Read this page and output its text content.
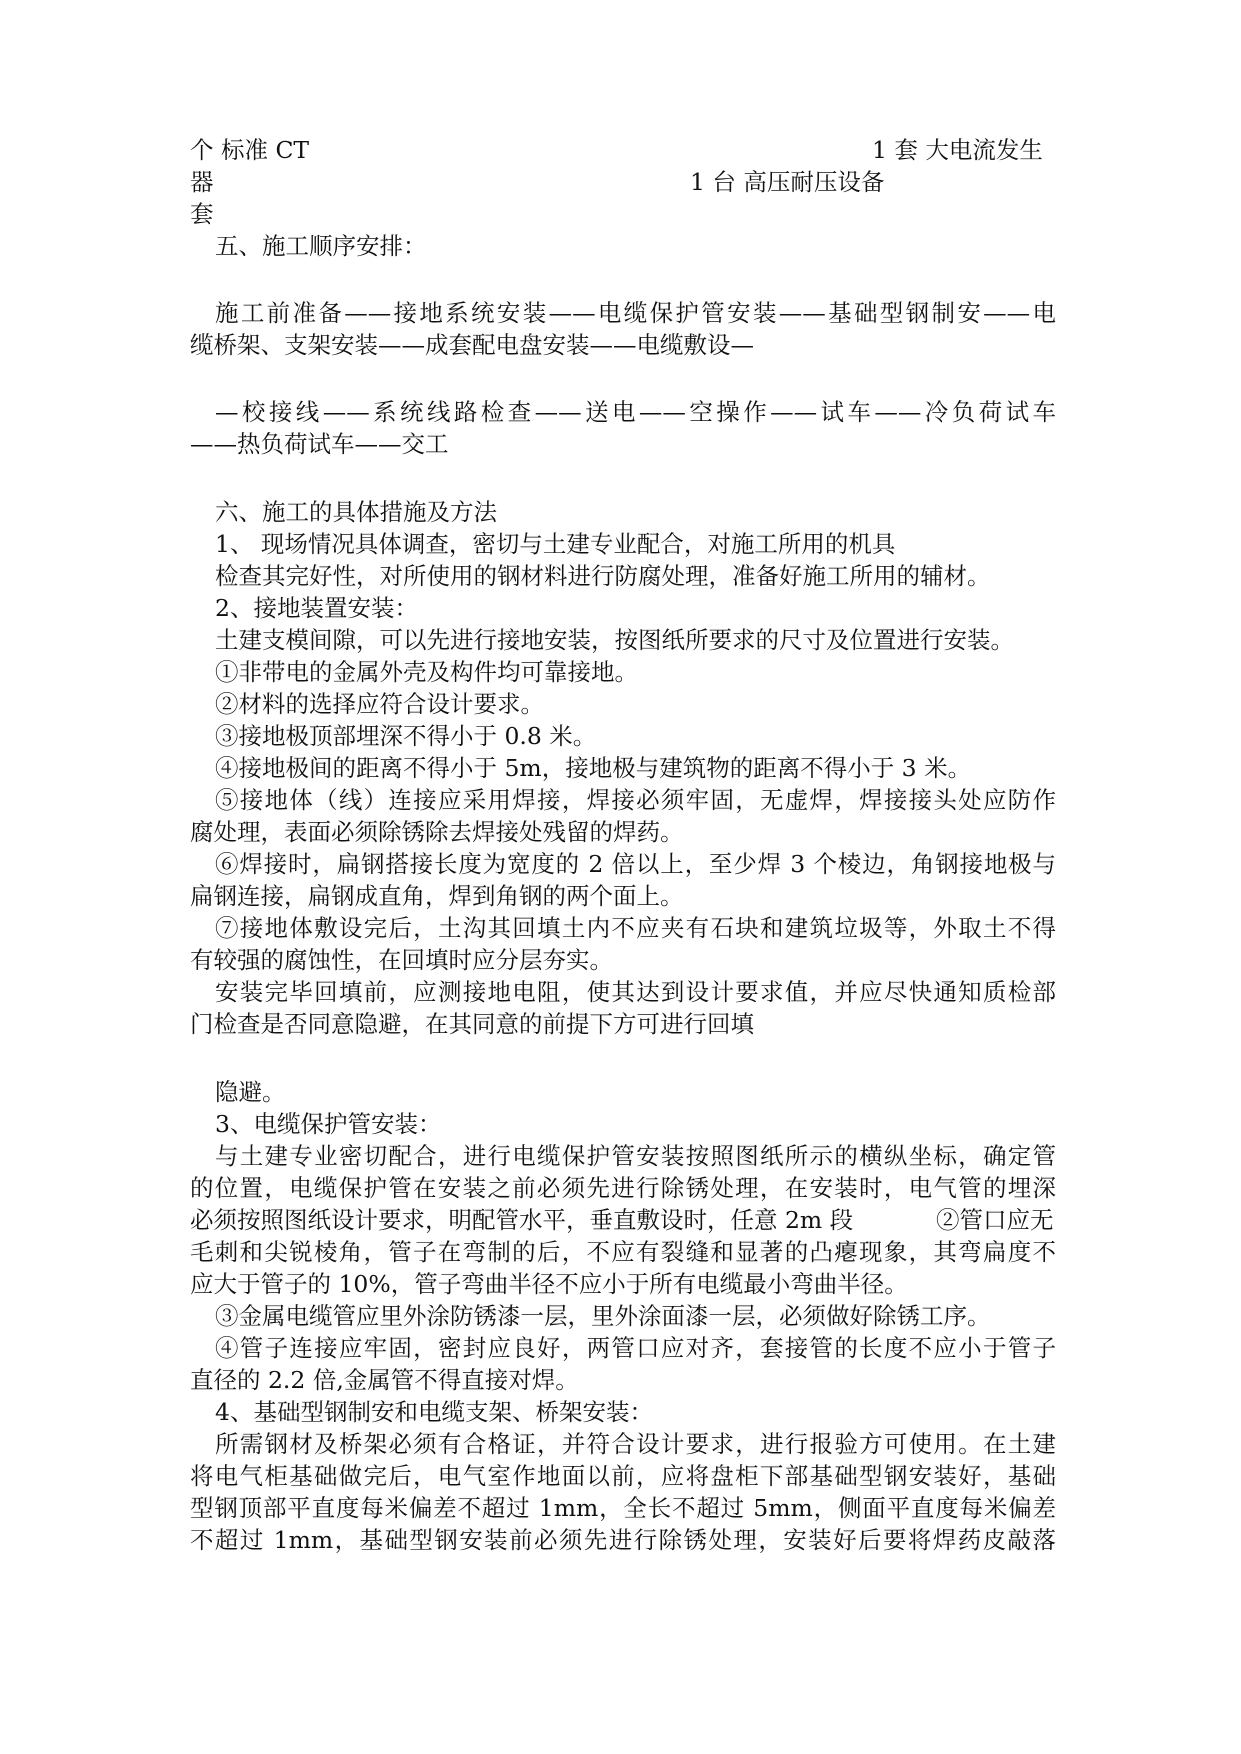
个 标准 CT	1 套 大电流发生
器	1 台 高压耐压设备
套
五、施工顺序安排：
施工前准备——接地系统安装——电缆保护管安装——基础型钢制安——电
缆桥架、支架安装——成套配电盘安装——电缆敷设—
—校接线——系统线路检查——送电——空操作——试车——冷负荷试车
——热负荷试车——交工
六、施工的具体措施及方法
1、 现场情况具体调查，密切与土建专业配合，对施工所用的机具
检查其完好性，对所使用的钢材料进行防腐处理，准备好施工所用的辅材。
2、接地装置安装：
土建支模间隙，可以先进行接地安装，按图纸所要求的尺寸及位置进行安装。
①非带电的金属外壳及构件均可靠接地。
②材料的选择应符合设计要求。
③接地极顶部埋深不得小于 0.8 米。
④接地极间的距离不得小于 5m，接地极与建筑物的距离不得小于 3 米。
⑤接地体（线）连接应采用焊接，焊接必须牢固，无虚焊，焊接接头处应防作
腐处理，表面必须除锈除去焊接处残留的焊药。
⑥焊接时，扁钢搭接长度为宽度的 2 倍以上，至少焊 3 个棱边，角钢接地极与
扁钢连接，扁钢成直角，焊到角钢的两个面上。
⑦接地体敷设完后，土沟其回填土内不应夹有石块和建筑垃圾等，外取土不得
有较强的腐蚀性，在回填时应分层夯实。
安装完毕回填前，应测接地电阻，使其达到设计要求值，并应尽快通知质检部
门检查是否同意隐避，在其同意的前提下方可进行回填
隐避。
3、电缆保护管安装：
与土建专业密切配合，进行电缆保护管安装按照图纸所示的横纵坐标，确定管
的位置，电缆保护管在安装之前必须先进行除锈处理，在安装时，电气管的埋深
必须按照图纸设计要求，明配管水平，垂直敷设时，任意 2m 段	②管口应无
毛刺和尖锐棱角，管子在弯制的后，不应有裂缝和显著的凸瘪现象，其弯扁度不
应大于管子的 10%，管子弯曲半径不应小于所有电缆最小弯曲半径。
③金属电缆管应里外涂防锈漆一层，里外涂面漆一层，必须做好除锈工序。
④管子连接应牢固，密封应良好，两管口应对齐，套接管的长度不应小于管子
直径的 2.2 倍,金属管不得直接对焊。
4、基础型钢制安和电缆支架、桥架安装：
所需钢材及桥架必须有合格证，并符合设计要求，进行报验方可使用。在土建
将电气柜基础做完后，电气室作地面以前，应将盘柜下部基础型钢安装好，基础
型钢顶部平直度每米偏差不超过 1mm，全长不超过 5mm，侧面平直度每米偏差
不超过 1mm，基础型钢安装前必须先进行除锈处理，安装好后要将焊药皮敲落
